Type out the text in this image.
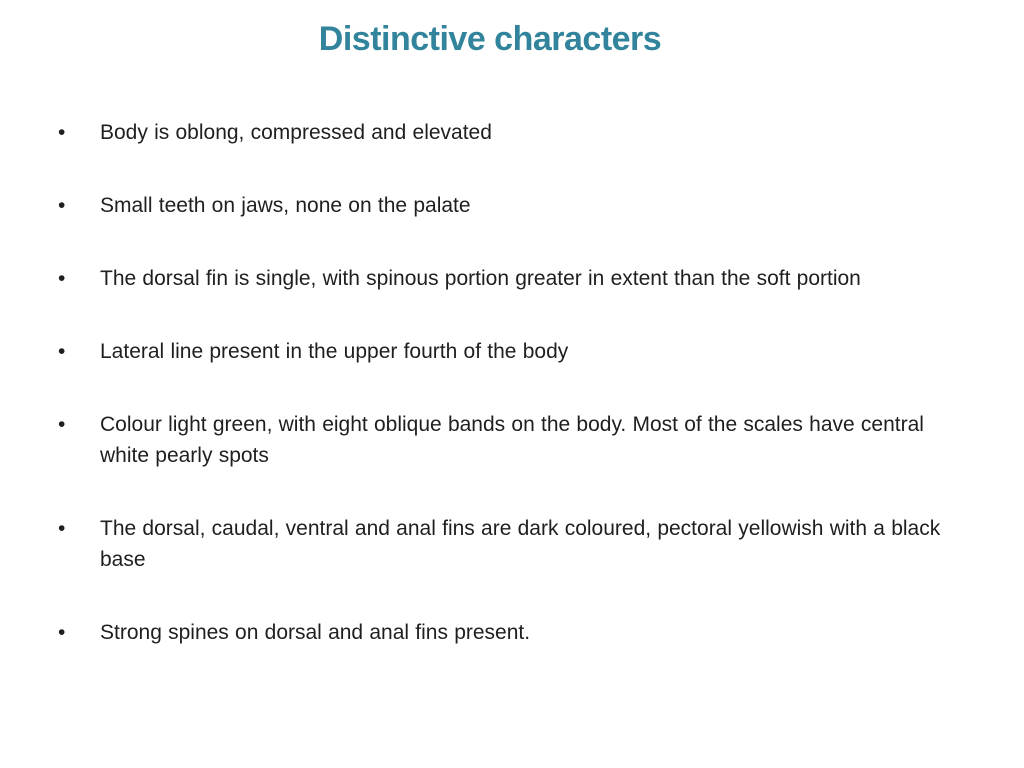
Distinctive characters
•	Body is oblong, compressed and elevated
•	Small teeth on jaws, none on the palate
•	The dorsal fin is single, with spinous portion greater in extent than the soft portion
•	Lateral line present in the upper fourth of the body
•	Colour light green, with eight oblique bands on the body. Most of the scales have central white pearly spots
•	The dorsal, caudal, ventral and anal fins are dark coloured, pectoral yellowish with a black base
•	Strong spines on dorsal and anal fins present.
